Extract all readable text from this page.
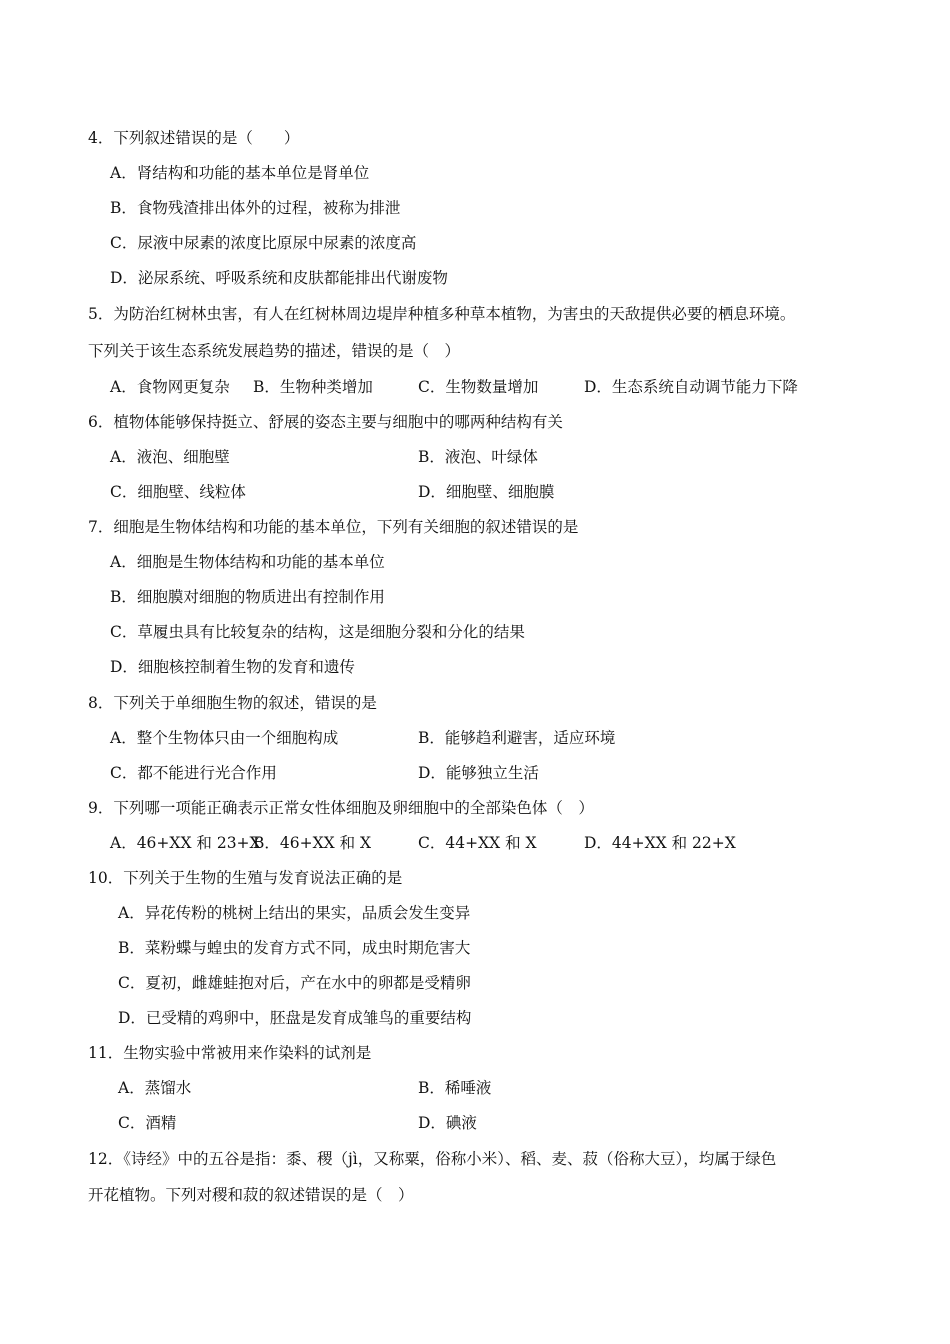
4．下列叙述错误的是（　　）
A．肾结构和功能的基本单位是肾单位
B．食物残渣排出体外的过程，被称为排泄
C．尿液中尿素的浓度比原尿中尿素的浓度高
D．泌尿系统、呼吸系统和皮肤都能排出代谢废物
5．为防治红树林虫害，有人在红树林周边堤岸种植多种草本植物，为害虫的天敌提供必要的栖息环境。
下列关于该生态系统发展趋势的描述，错误的是（　）
A．食物网更复杂 B．生物种类增加	C．生物数量增加	D．生态系统自动调节能力下降
6．植物体能够保持挺立、舒展的姿态主要与细胞中的哪两种结构有关
A．液泡、细胞壁	B．液泡、叶绿体
C．细胞壁、线粒体	D．细胞壁、细胞膜
7．细胞是生物体结构和功能的基本单位，下列有关细胞的叙述错误的是
A．细胞是生物体结构和功能的基本单位
B．细胞膜对细胞的物质进出有控制作用
C．草履虫具有比较复杂的结构，这是细胞分裂和分化的结果
D．细胞核控制着生物的发育和遗传
8．下列关于单细胞生物的叙述，错误的是
A．整个生物体只由一个细胞构成	B．能够趋利避害，适应环境
C．都不能进行光合作用	D．能够独立生活
9．下列哪一项能正确表示正常女性体细胞及卵细胞中的全部染色体（　）
A．46+XX 和 23+X
B．46+XX 和 X	C．44+XX 和 X	D．44+XX 和 22+X
10．下列关于生物的生殖与发育说法正确的是
A．异花传粉的桃树上结出的果实，品质会发生变异
B．菜粉蝶与蝗虫的发育方式不同，成虫时期危害大
C．夏初，雌雄蛙抱对后，产在水中的卵都是受精卵
D．已受精的鸡卵中，胚盘是发育成雏鸟的重要结构
11．生物实验中常被用来作染料的试剂是
A．蒸馏水	B．稀唾液
C．酒精	D．碘液
12．《诗经》中的五谷是指：黍、稷（jì，又称粟，俗称小米）、稻、麦、菽（俗称大豆），均属于绿色
开花植物。下列对稷和菽的叙述错误的是（　）
